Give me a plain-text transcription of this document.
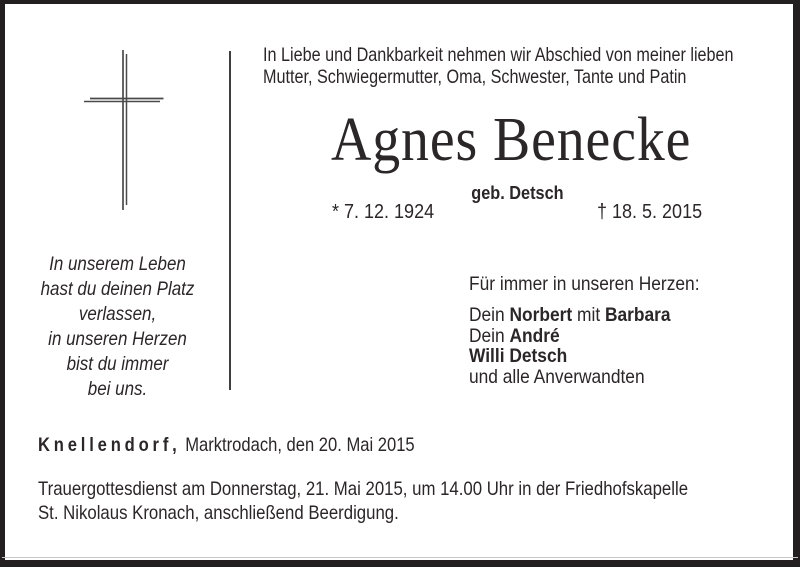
In Liebe und Dankbarkeit nehmen wir Abschied von meiner lieben
Mutter, Schwiegermutter, Oma, Schwester, Tante und Patin
Agnes Benecke
geb. Detsch
* 7. 12. 1924	† 18. 5. 2015
In unserem Leben
hast du deinen Platz
verlassen,
in unseren Herzen
bist du immer
bei uns.
Für immer in unseren Herzen:
Dein Norbert mit Barbara
Dein André
Willi Detsch
und alle Anverwandten
Knellendorf, Marktrodach, den 20. Mai 2015
Trauergottesdienst am Donnerstag, 21. Mai 2015, um 14.00 Uhr in der Friedhofskapelle
St. Nikolaus Kronach, anschließend Beerdigung.
